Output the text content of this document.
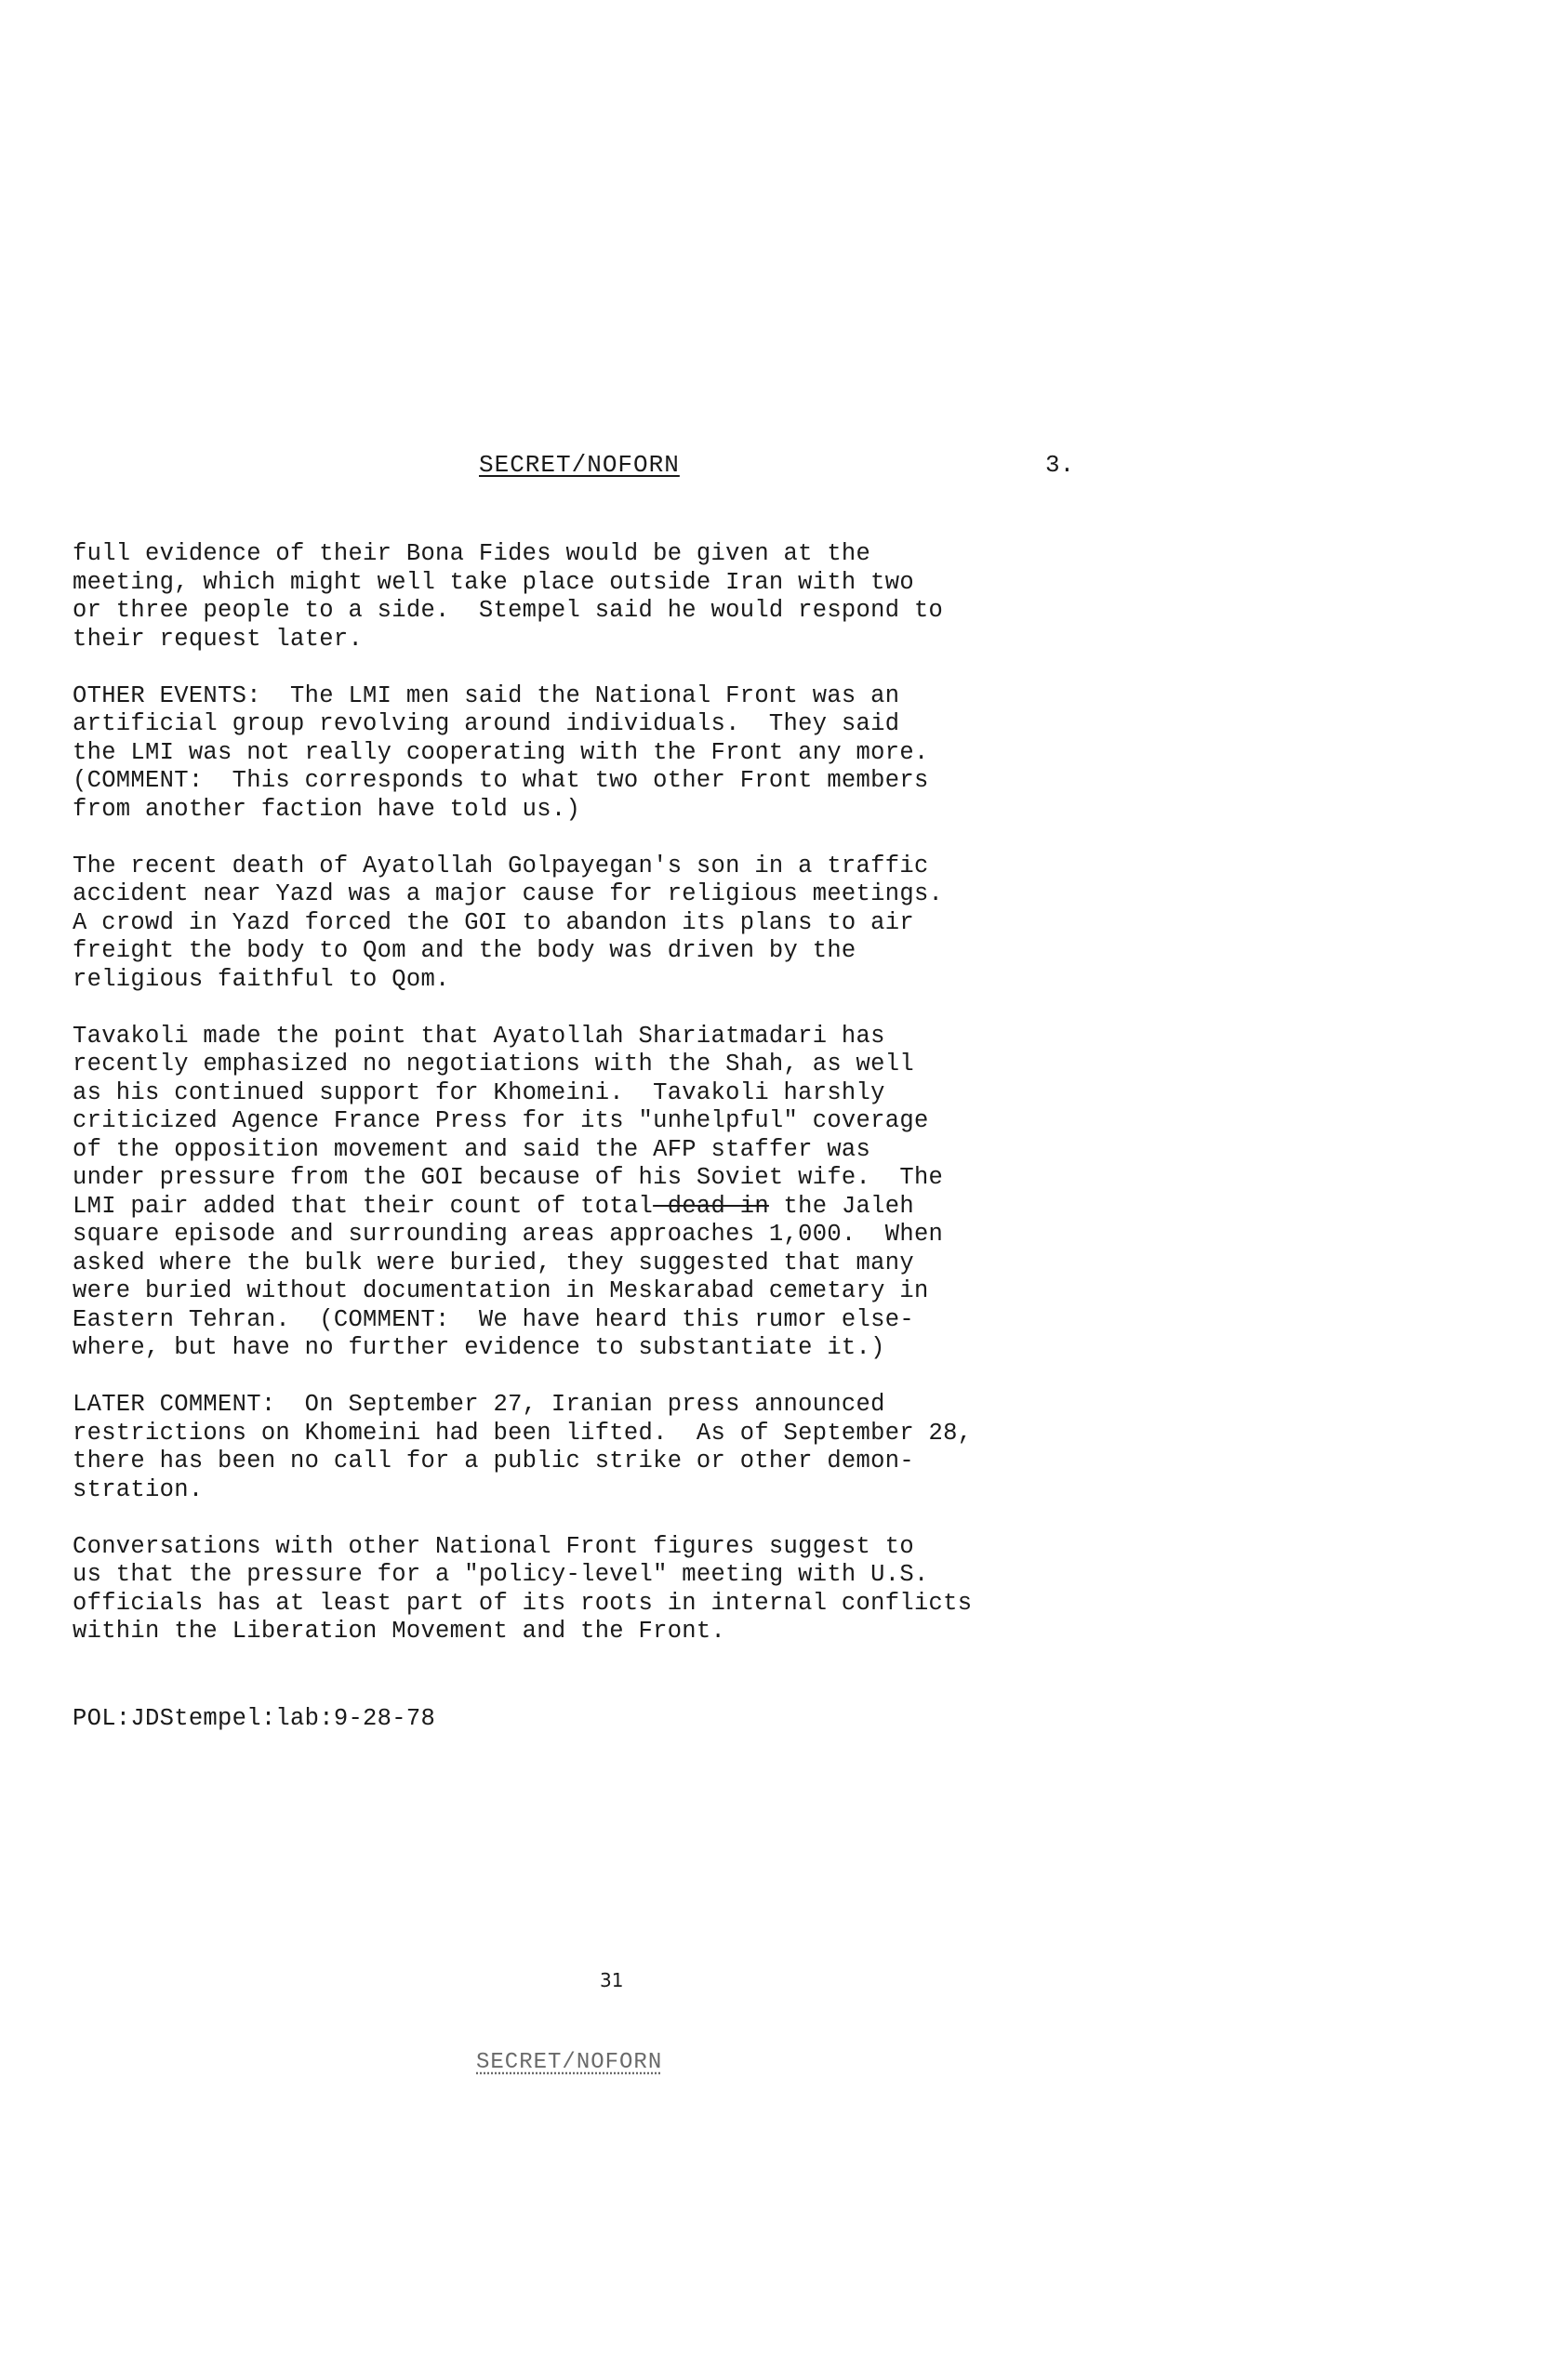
SECRET/NOFORN	3.
full evidence of their Bona Fides would be given at the
meeting, which might well take place outside Iran with two
or three people to a side.  Stempel said he would respond to
their request later.
OTHER EVENTS:  The LMI men said the National Front was an
artificial group revolving around individuals.  They said
the LMI was not really cooperating with the Front any more.
(COMMENT:  This corresponds to what two other Front members
from another faction have told us.)
The recent death of Ayatollah Golpayegan's son in a traffic
accident near Yazd was a major cause for religious meetings.
A crowd in Yazd forced the GOI to abandon its plans to air
freight the body to Qom and the body was driven by the
religious faithful to Qom.
Tavakoli made the point that Ayatollah Shariatmadari has
recently emphasized no negotiations with the Shah, as well
as his continued support for Khomeini.  Tavakoli harshly
criticized Agence France Press for its "unhelpful" coverage
of the opposition movement and said the AFP staffer was
under pressure from the GOI because of his Soviet wife.  The
LMI pair added that their count of total dead in the Jaleh
square episode and surrounding areas approaches 1,000.  When
asked where the bulk were buried, they suggested that many
were buried without documentation in Meskarabad cemetary in
Eastern Tehran.  (COMMENT:  We have heard this rumor else-
where, but have no further evidence to substantiate it.)
LATER COMMENT:  On September 27, Iranian press announced
restrictions on Khomeini had been lifted.  As of September 28,
there has been no call for a public strike or other demon-
stration.
Conversations with other National Front figures suggest to
us that the pressure for a "policy-level" meeting with U.S.
officials has at least part of its roots in internal conflicts
within the Liberation Movement and the Front.
POL:JDStempel:lab:9-28-78
31
SECRET/NOFORN
